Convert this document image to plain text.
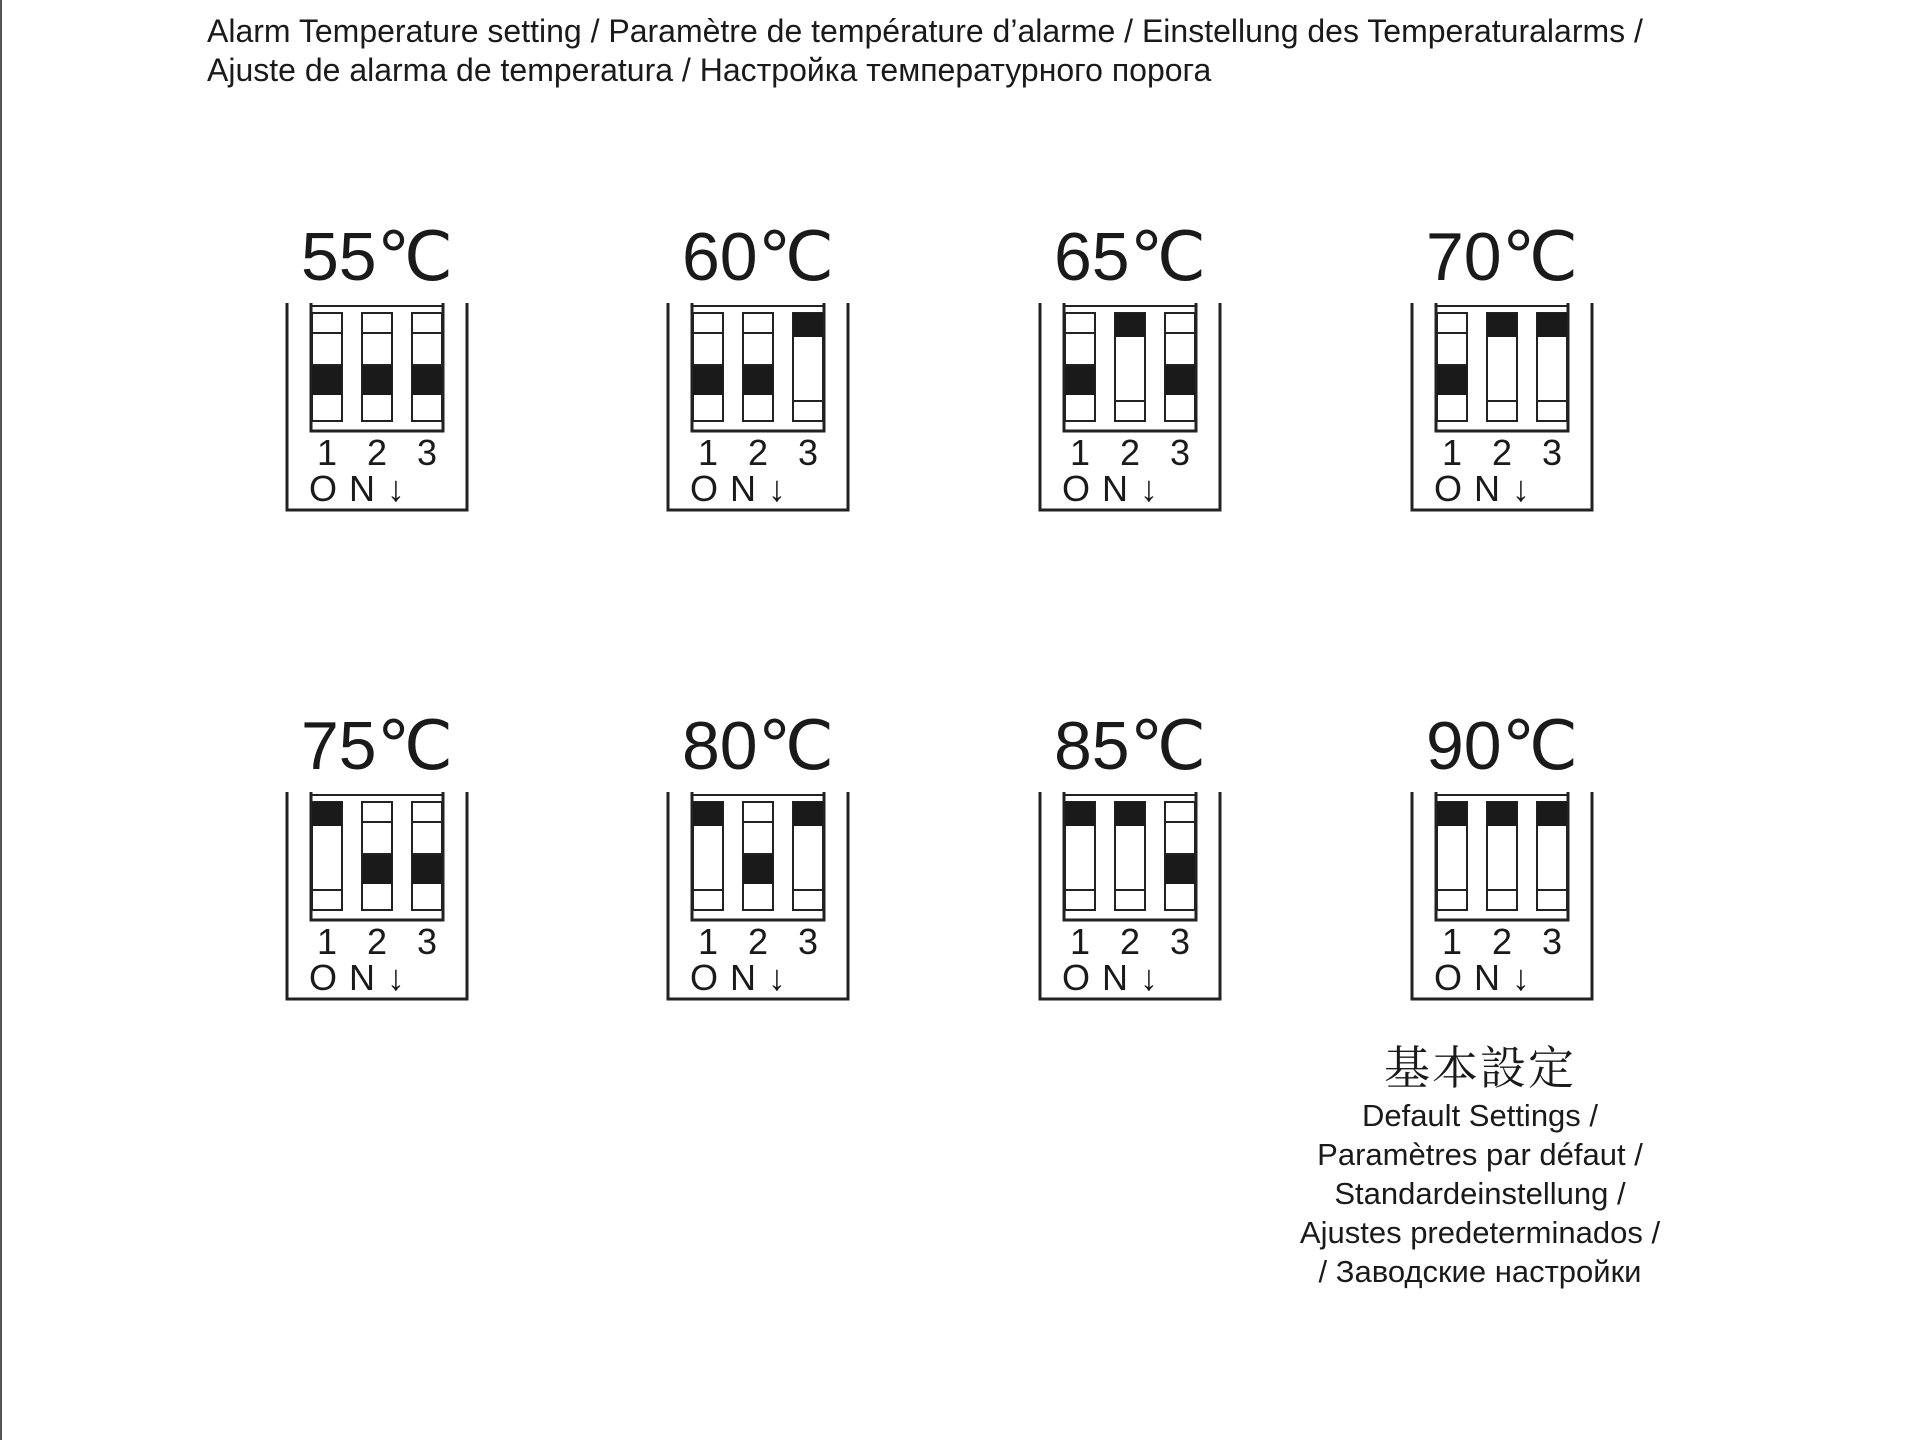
Alarm Temperature setting / Paramètre de température d’alarme / Einstellung des Temperaturalarms /
Ajuste de alarma de temperatura / Настройка температурного порога
55℃
1 2 3
ON↓
60℃
1 2 3
ON↓
65℃
1 2 3
ON↓
70℃
1 2 3
ON↓
75℃
1 2 3
ON↓
80℃
1 2 3
ON↓
85℃
1 2 3
ON↓
90℃
1 2 3
ON↓
基本設定
Default Settings /
Paramètres par défaut /
Standardeinstellung /
Ajustes predeterminados /
/ Заводские настройки
